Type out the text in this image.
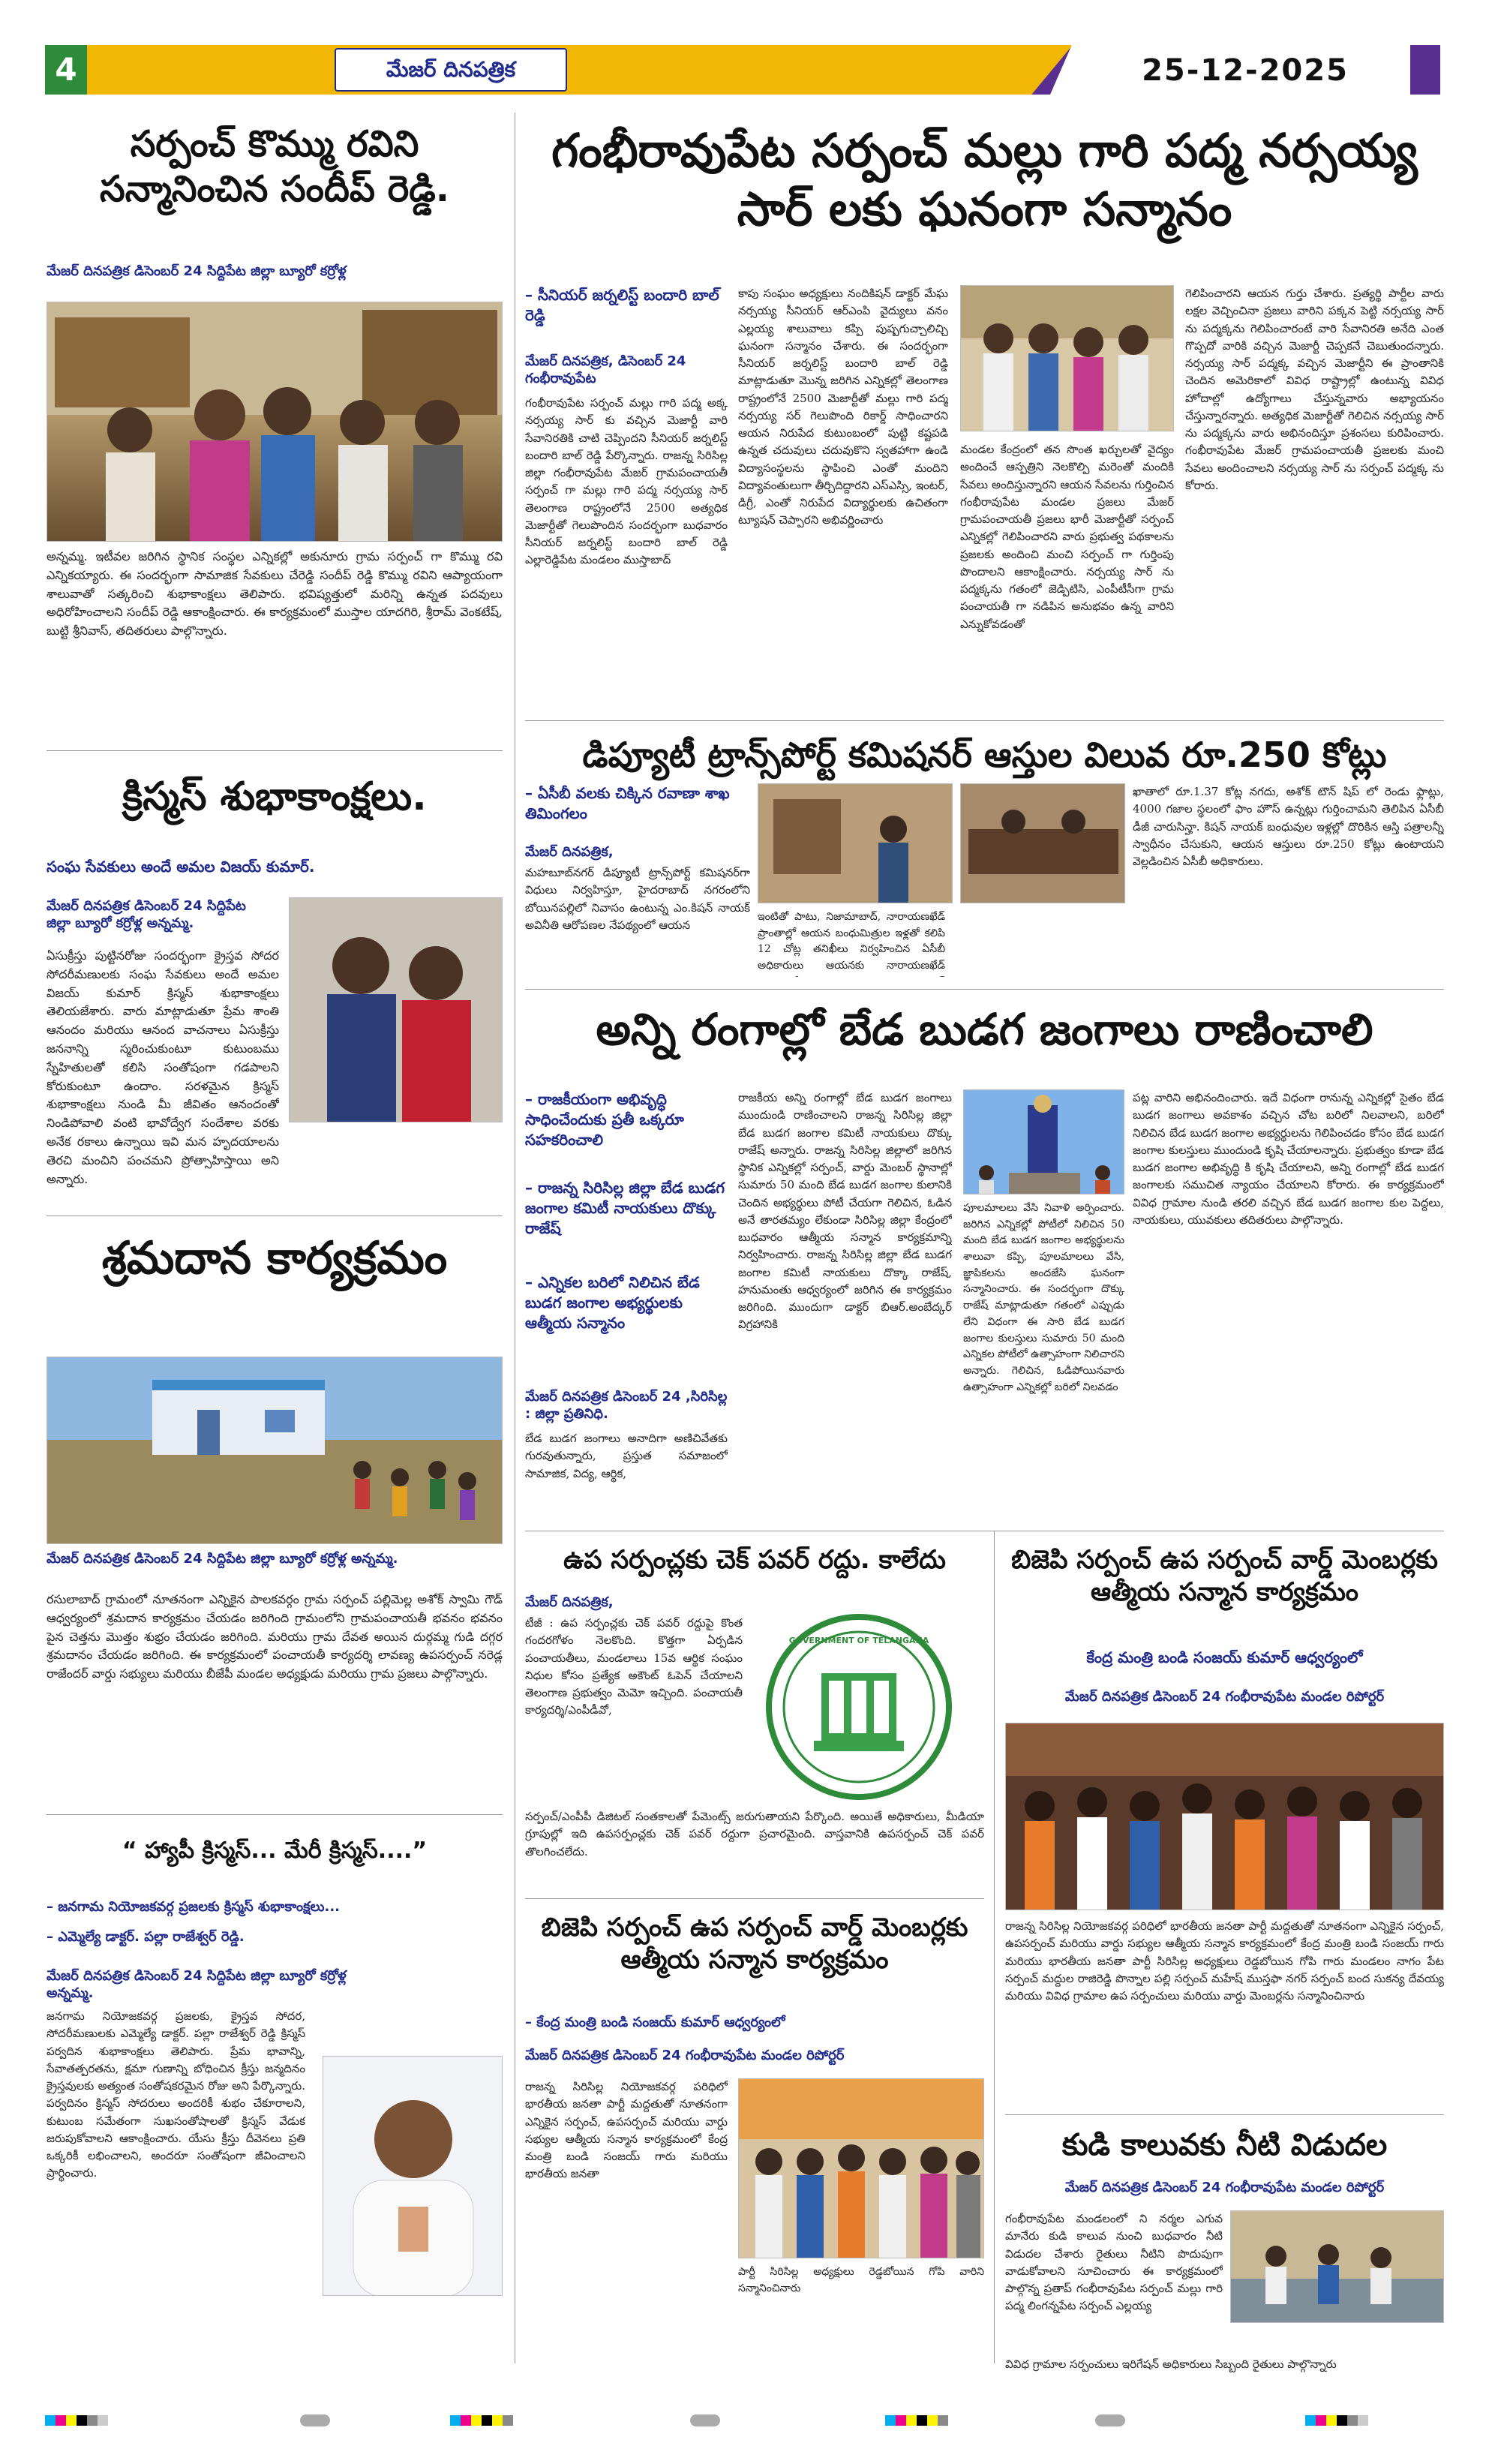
4	మేజర్ దినపత్రిక	25-12-2025
సర్పంచ్ కొమ్ము రవిని సన్మానించిన సందీప్ రెడ్డి.
మేజర్ దినపత్రిక డిసెంబర్ 24 సిద్దిపేట జిల్లా బ్యూరో కర్రోళ్ల
అన్నమ్మ. ఇటీవల జరిగిన స్థానిక సంస్థల ఎన్నికల్లో అకునూరు గ్రామ సర్పంచ్ గా కొమ్ము రవి ఎన్నికయ్యారు. ఈ సందర్భంగా సామాజిక సేవకులు చేరెడ్డి సందీప్ రెడ్డి కొమ్ము రవిని ఆప్యాయంగా శాలువాతో సత్కరించి శుభాకాంక్షలు తెలిపారు. భవిష్యత్తులో మరిన్ని ఉన్నత పదవులు అధిరోహించాలని సందీప్ రెడ్డి ఆకాంక్షించారు. ఈ కార్యక్రమంలో ముస్తాల యాదగిరి, శ్రీరామ్ వెంకటేష్, బుట్టి శ్రీనివాస్, తదితరులు పాల్గొన్నారు.
క్రిస్మస్ శుభాకాంక్షలు.
సంఘ సేవకులు అందే అమల విజయ్ కుమార్.
మేజర్ దినపత్రిక డిసెంబర్ 24 సిద్దిపేట జిల్లా బ్యూరో కర్రోళ్ల అన్నమ్మ.
ఏసుక్రీస్తు పుట్టినరోజు సందర్భంగా క్రైస్తవ సోదర సోదరీమణులకు సంఘ సేవకులు అందే అమల విజయ్ కుమార్ క్రిస్మస్ శుభాకాంక్షలు తెలియజేశారు. వారు మాట్లాడుతూ ప్రేమ శాంతి ఆనందం మరియు ఆనంద వాచనాలు ఏసుక్రీస్తు జననాన్ని స్మరించుకుంటూ కుటుంబము స్నేహితులతో కలిసి సంతోషంగా గడపాలని కోరుకుంటూ ఉందాం. సరళమైన క్రిస్మస్ శుభాకాంక్షలు నుండి మీ జీవితం ఆనందంతో నిండిపోవాలి వంటి భావోద్వేగ సందేశాల వరకు అనేక రకాలు ఉన్నాయి ఇవి మన హృదయాలను తెరచి మంచిని పంచమని ప్రోత్సాహిస్తాయి అని అన్నారు.
శ్రమదాన కార్యక్రమం
మేజర్ దినపత్రిక డిసెంబర్ 24 సిద్దిపేట జిల్లా బ్యూరో కర్రోళ్ల అన్నమ్మ.
రసులాబాద్ గ్రామంలో నూతనంగా ఎన్నికైన పాలకవర్గం గ్రామ సర్పంచ్ పల్లిమెల్ల అశోక్ స్వామి గౌడ్ ఆధ్వర్యంలో శ్రమదాన కార్యక్రమం చేయడం జరిగింది గ్రామంలోని గ్రామపంచాయతీ భవనం భవనం పైన చెత్తను మొత్తం శుభ్రం చేయడం జరిగింది. మరియు గ్రామ దేవత అయిన దుర్గమ్మ గుడి దగ్గర శ్రమదానం చేయడం జరిగింది. ఈ కార్యక్రమంలో పంచాయతీ కార్యదర్శి లావణ్య ఉపసర్పంచ్ నరెడ్ల రాజేందర్ వార్డు సభ్యులు మరియు బీజేపీ మండల అధ్యక్షుడు మరియు గ్రామ ప్రజలు పాల్గొన్నారు.
“ హ్యాపీ క్రిస్మస్... మేరీ క్రిస్మస్....”
– జనగామ నియోజకవర్గ ప్రజలకు క్రిస్మస్ శుభాకాంక్షలు...
– ఎమ్మెల్యే డాక్టర్. పల్లా రాజేశ్వర్ రెడ్డి.
మేజర్ దినపత్రిక డిసెంబర్ 24 సిద్దిపేట జిల్లా బ్యూరో కర్రోళ్ల అన్నమ్మ.
జనగామ నియోజకవర్గ ప్రజలకు, క్రైస్తవ సోదర, సోదరీమణులకు ఎమ్మెల్యే డాక్టర్. పల్లా రాజేశ్వర్ రెడ్డి క్రిస్మస్ పర్వదిన శుభాకాంక్షలు తెలిపారు. ప్రేమ భావాన్ని, సేవాతత్పరతను, క్షమా గుణాన్ని బోధించిన క్రీస్తు జన్మదినం క్రైస్తవులకు అత్యంత సంతోషకరమైన రోజు అని పేర్కొన్నారు. పర్వదినం క్రిస్మస్ సోదరులు అందరికీ శుభం చేకూరాలని, కుటుంబ సమేతంగా సుఖసంతోషాలతో క్రిస్మస్ వేడుక జరుపుకోవాలని ఆకాంక్షించారు. యేసు క్రీస్తు దీవెనలు ప్రతి ఒక్కరికీ లభించాలని, అందరూ సంతోషంగా జీవించాలని ప్రార్థించారు.
గంభీరావుపేట సర్పంచ్ మల్లు గారి పద్మ నర్సయ్య సార్ లకు ఘనంగా సన్మానం
– సీనియర్ జర్నలిస్ట్ బందారి బాల్ రెడ్డి
మేజర్ దినపత్రిక, డిసెంబర్ 24 గంభీరావుపేట
గంభీరావుపేట సర్పంచ్ మల్లు గారి పద్మ అక్క నర్సయ్య సార్ కు వచ్చిన మెజార్టీ వారి సేవానిరతికి చాటి చెప్పిందని సీనియర్ జర్నలిస్ట్ బందారి బాల్ రెడ్డి పేర్కొన్నారు. రాజన్న సిరిసిల్ల జిల్లా గంభీరావుపేట మేజర్ గ్రామపంచాయతీ సర్పంచ్ గా మల్లు గారి పద్మ నర్సయ్య సార్ తెలంగాణ రాష్ట్రంలోనే 2500 అత్యధిక మెజార్టీతో గెలుపొందిన సందర్భంగా బుధవారం సీనియర్ జర్నలిస్ట్ బందారి బాల్ రెడ్డి ఎల్లారెడ్డిపేట మండలం ముస్తాబాద్
కాపు సంఘం అధ్యక్షులు నందికిషన్ డాక్టర్ మేఘ నర్సయ్య సీనియర్ ఆర్ఎంపి వైద్యులు వనం ఎల్లయ్య శాలువాలు కప్పి పుష్పగుచ్చాలిచ్చి ఘనంగా సన్మానం చేశారు. ఈ సందర్భంగా సీనియర్ జర్నలిస్ట్ బందారి బాల్ రెడ్డి మాట్లాడుతూ మొన్న జరిగిన ఎన్నికల్లో తెలంగాణ రాష్ట్రంలోనే 2500 మెజార్టీతో మల్లు గారి పద్మ నర్సయ్య సర్ గెలుపొంది రికార్డ్ సాధించారని ఆయన నిరుపేద కుటుంబంలో పుట్టి కష్టపడి ఉన్నత చదువులు చదువుకొని స్వతహాగా ఉండి విద్యాసంస్థలను స్థాపించి ఎంతో మందిని విద్యావంతులుగా తీర్చిదిద్దారని ఎస్ఎస్సి, ఇంటర్, డిగ్రీ, ఎంతో నిరుపేద విద్యార్థులకు ఉచితంగా ట్యూషన్ చెప్పారని అభివర్ణించారు
మండల కేంద్రంలో తన సొంత ఖర్చులతో వైద్యం అందించే ఆస్పత్రిని నెలకొల్పి మరెంతో మందికి సేవలు అందిస్తున్నారని ఆయన సేవలను గుర్తించిన గంభీరావుపేట మండల ప్రజలు మేజర్ గ్రామపంచాయతీ ప్రజలు భారీ మెజార్టీతో సర్పంచ్ ఎన్నికల్లో గెలిపించారని వారు ప్రభుత్వ పథకాలను ప్రజలకు అందించి మంచి సర్పంచ్ గా గుర్తింపు పొందాలని ఆకాంక్షించారు. నర్సయ్య సార్ ను పద్మక్కను గతంలో జెడ్పిటిసి, ఎంపీటీసీగా గ్రామ పంచాయతీ గా నడిపిన అనుభవం ఉన్న వారిని ఎన్నుకోవడంతో
గెలిపించారని ఆయన గుర్తు చేశారు. ప్రత్యర్థి పార్టీల వారు లక్షల వెచ్చించినా ప్రజలు వారిని పక్కన పెట్టి నర్సయ్య సార్ ను పద్మక్కను గెలిపించారంటే వారి సేవానిరతి అనేది ఎంత గొప్పదో వారికి వచ్చిన మెజార్టీ చెప్పకనే చెబుతుందన్నారు. నర్సయ్య సార్ పద్మక్క వచ్చిన మెజార్టీని ఈ ప్రాంతానికి చెందిన అమెరికాలో వివిధ రాష్ట్రాల్లో ఉంటున్న వివిధ హోదాల్లో ఉద్యోగాలు చేస్తున్నవారు అభ్యాయనం చేస్తున్నారన్నారు. అత్యధిక మెజార్టీతో గెలిచిన నర్సయ్య సార్ ను పద్మక్కను వారు అభినందిస్తూ ప్రశంసలు కురిపించారు. గంభీరావుపేట మేజర్ గ్రామపంచాయతీ ప్రజలకు మంచి సేవలు అందించాలని నర్సయ్య సార్ ను సర్పంచ్ పద్మక్క ను కోరారు.
డిప్యూటీ ట్రాన్స్‌పోర్ట్ కమిషనర్ ఆస్తుల విలువ రూ.250 కోట్లు
– ఏసీబీ వలకు చిక్కిన రవాణా శాఖ తిమింగలం
మేజర్ దినపత్రిక,
మహబూబ్‌నగర్ డిప్యూటీ ట్రాన్స్‌పోర్ట్ కమిషనర్‌గా విధులు నిర్వహిస్తూ, హైదరాబాద్ నగరంలోని బోయినపల్లిలో నివాసం ఉంటున్న ఎం.కిషన్ నాయక్ అవినీతి ఆరోపణల నేపథ్యంలో ఆయన
ఇంటితో పాటు, నిజామాబాద్, నారాయణఖేడ్ ప్రాంతాల్లో ఆయన బంధుమిత్రుల ఇళ్లతో కలిపి 12 చోట్ల తనిఖీలు నిర్వహించిన ఏసీబీ అధికారులు ఆయనకు నారాయణఖేడ్
ఖాతాలో రూ.1.37 కోట్ల నగదు, అశోక్ టౌన్ షిప్ లో రెండు ఫ్లాట్లు, 4000 గజాల స్థలంలో ఫాం హౌస్ ఉన్నట్లు గుర్తించామని తెలిపిన ఏసీబీ డీజీ చారుసిన్హా. కిషన్ నాయక్ బంధువుల ఇళ్లల్లో దొరికిన ఆస్తి పత్రాలన్నీ స్వాధీనం చేసుకుని, ఆయన ఆస్తులు రూ.250 కోట్లు ఉంటాయని వెల్లడించిన ఏసీబీ అధికారులు.
అన్ని రంగాల్లో బేడ బుడగ జంగాలు రాణించాలి
– రాజకీయంగా అభివృద్ధి సాధించేందుకు ప్రతీ ఒక్కరూ సహకరించాలి
– రాజన్న సిరిసిల్ల జిల్లా బేడ బుడగ జంగాల కమిటీ నాయకులు దొక్కు రాజేష్
– ఎన్నికల బరిలో నిలిచిన బేడ బుడగ జంగాల అభ్యర్థులకు ఆత్మీయ సన్మానం
మేజర్ దినపత్రిక డిసెంబర్ 24 ,సిరిసిల్ల : జిల్లా ప్రతినిధి.
బేడ బుడగ జంగాలు అనాదిగా అణిచివేతకు గురవుతున్నారు, ప్రస్తుత సమాజంలో సామాజిక, విద్య, ఆర్థిక,
రాజకీయ అన్ని రంగాల్లో బేడ బుడగ జంగాలు ముందుండి రాణించాలని రాజన్న సిరిసిల్ల జిల్లా బేడ బుడగ జంగాల కమిటీ నాయకులు దొక్కు రాజేష్ అన్నారు. రాజన్న సిరిసిల్ల జిల్లాలో జరిగిన స్థానిక ఎన్నికల్లో సర్పంచ్, వార్డు మెంబర్ స్థానాల్లో సుమారు 50 మంది బేడ బుడగ జంగాల కులానికి చెందిన అభ్యర్థులు పోటీ చేయగా గెలిచిన, ఓడిన అనే తారతమ్యం లేకుండా సిరిసిల్ల జిల్లా కేంద్రంలో బుధవారం ఆత్మీయ సన్మాన కార్యక్రమాన్ని నిర్వహించారు. రాజన్న సిరిసిల్ల జిల్లా బేడ బుడగ జంగాల కమిటీ నాయకులు దొక్కా రాజేష్, హనుమంతు ఆధ్వర్యంలో జరిగిన ఈ కార్యక్రమం జరిగింది. ముందుగా డాక్టర్ బిఆర్.అంబేద్కర్ విగ్రహానికి
పూలమాలలు వేసి నివాళి అర్పించారు. జరిగిన ఎన్నికల్లో పోటీలో నిలిచిన 50 మంది బేడ బుడగ జంగాల అభ్యర్థులను శాలువా కప్పి, పూలమాలలు వేసి, జ్ఞాపికలను అందజేసి ఘనంగా సన్మానించారు. ఈ సందర్భంగా దొక్కు రాజేష్ మాట్లాడుతూ గతంలో ఎప్పుడు లేని విధంగా ఈ సారి బేడ బుడగ జంగాల కులస్తులు సుమారు 50 మంది ఎన్నికల పోటీలో ఉత్సాహంగా నిలిచారని అన్నారు. గెలిచిన, ఓడిపోయినవారు ఉత్సాహంగా ఎన్నికల్లో బరిలో నిలవడం
పట్ల వారిని అభినందించారు. ఇదే విధంగా రానున్న ఎన్నికల్లో సైతం బేడ బుడగ జంగాలు అవకాశం వచ్చిన చోట బరిలో నిలవాలని, బరిలో నిలిచిన బేడ బుడగ జంగాల అభ్యర్థులను గెలిపించడం కోసం బేడ బుడగ జంగాల కులస్తులు ముందుండి కృషి చేయాలన్నారు. ప్రభుత్వం కూడా బేడ బుడగ జంగాల అభివృద్ధి కి కృషి చేయాలని, అన్ని రంగాల్లో బేడ బుడగ జంగాలకు సముచిత న్యాయం చేయాలని కోరారు. ఈ కార్యక్రమంలో వివిధ గ్రామాల నుండి తరలి వచ్చిన బేడ బుడగ జంగాల కుల పెద్దలు, నాయకులు, యువకులు తదితరులు పాల్గొన్నారు.
ఉప సర్పంచ్లకు చెక్ పవర్ రద్దు. కాలేదు
మేజర్ దినపత్రిక,
టీజీ : ఉప సర్పంచ్లకు చెక్ పవర్ రద్దుపై కొంత గందరగోళం నెలకొంది. కొత్తగా ఏర్పడిన పంచాయతీలు, మండలాలు 15వ ఆర్థిక సంఘం నిధుల కోసం ప్రత్యేక అకౌంట్ ఓపెన్ చేయాలని తెలంగాణ ప్రభుత్వం మెమో ఇచ్చింది. పంచాయతీ కార్యదర్శి/ఎంపీడీవో,
GOVERNMENT OF TELANGANA
సర్పంచ్/ఎంపీపీ డిజిటల్ సంతకాలతో పేమెంట్స్ జరుగుతాయని పేర్కొంది. అయితే అధికారులు, మీడియా గ్రూపుల్లో ఇది ఉపసర్పంచ్లకు చెక్ పవర్ రద్దుగా ప్రచారమైంది. వాస్తవానికి ఉపసర్పంచ్ చెక్ పవర్ తొలగించలేదు.
బిజెపి సర్పంచ్ ఉప సర్పంచ్ వార్డ్ మెంబర్లకు ఆత్మీయ సన్మాన కార్యక్రమం
– కేంద్ర మంత్రి బండి సంజయ్ కుమార్ ఆధ్వర్యంలో
మేజర్ దినపత్రిక డిసెంబర్ 24 గంభీరావుపేట మండల రిపోర్టర్
రాజన్న సిరిసిల్ల నియోజకవర్గ పరిధిలో భారతీయ జనతా పార్టీ మద్దతుతో నూతనంగా ఎన్నికైన సర్పంచ్, ఉపసర్పంచ్ మరియు వార్డు సభ్యుల ఆత్మీయ సన్మాన కార్యక్రమంలో కేంద్ర మంత్రి బండి సంజయ్ గారు మరియు భారతీయ జనతా
పార్టీ సిరిసిల్ల అధ్యక్షులు రెడ్డబోయిన గోపి వారిని సన్మానించినారు
బిజెపి సర్పంచ్ ఉప సర్పంచ్ వార్డ్ మెంబర్లకు ఆత్మీయ సన్మాన కార్యక్రమం
కేంద్ర మంత్రి బండి సంజయ్ కుమార్ ఆధ్వర్యంలో
మేజర్ దినపత్రిక డిసెంబర్ 24 గంభీరావుపేట మండల రిపోర్టర్
రాజన్న సిరిసిల్ల నియోజకవర్గ పరిధిలో భారతీయ జనతా పార్టీ మద్దతుతో నూతనంగా ఎన్నికైన సర్పంచ్, ఉపసర్పంచ్ మరియు వార్డు సభ్యుల ఆత్మీయ సన్మాన కార్యక్రమంలో కేంద్ర మంత్రి బండి సంజయ్ గారు మరియు భారతీయ జనతా పార్టీ సిరిసిల్ల అధ్యక్షులు రెడ్డబోయిన గోపి గారు మండలం నాగం పేట సర్పంచ్ మద్దుల రాజిరెడ్డి పొన్నాల పల్లి సర్పంచ్ మహేష్ ముస్తఫా నగర్ సర్పంచ్ బంద సుకన్య దేవయ్య మరియు వివిధ గ్రామాల ఉప సర్పంచులు మరియు వార్డు మెంబర్లను సన్మానించినారు
కుడి కాలువకు నీటి విడుదల
మేజర్ దినపత్రిక డిసెంబర్ 24 గంభీరావుపేట మండల రిపోర్టర్
గంభీరావుపేట మండలంలో ని నర్మల ఎగువ మానేరు కుడి కాలువ నుంచి బుధవారం నీటి విడుదల చేశారు రైతులు నీటిని పొదుపుగా వాడుకోవాలని సూచించారు ఈ కార్యక్రమంలో పాల్గొన్న ప్రతాప్ గంభీరావుపేట సర్పంచ్ మల్లు గారి పద్మ లింగన్నపేట సర్పంచ్ ఎల్లయ్య
వివిధ గ్రామాల సర్పంచులు ఇరిగేషన్ అధికారులు సిబ్బంది రైతులు పాల్గొన్నారు
